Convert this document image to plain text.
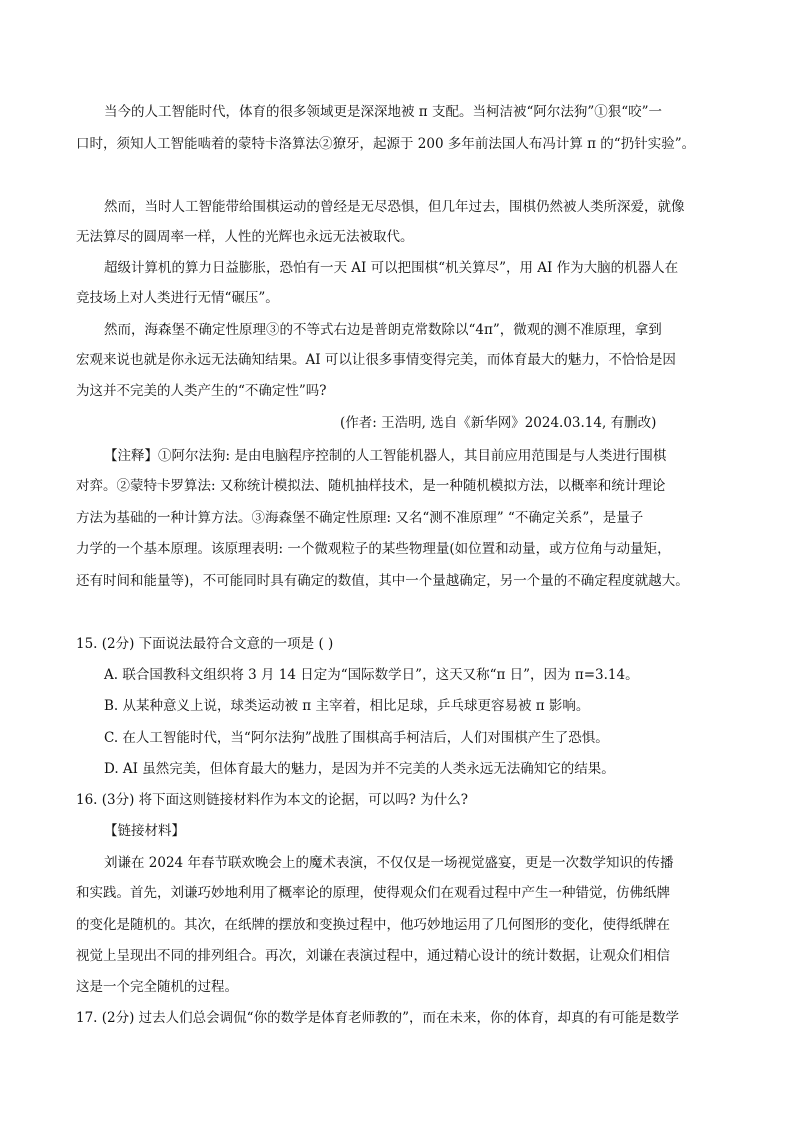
当今的人工智能时代，体育的很多领域更是深深地被 π 支配。当柯洁被“阿尔法狗”①狠“咬”一
口时，须知人工智能啮着的蒙特卡洛算法②獠牙，起源于 200 多年前法国人布冯计算 π 的“扔针实验”。
然而，当时人工智能带给围棋运动的曾经是无尽恐惧，但几年过去，围棋仍然被人类所深爱，就像
无法算尽的圆周率一样，人性的光辉也永远无法被取代。
超级计算机的算力日益膨胀，恐怕有一天 AI 可以把围棋“机关算尽”，用 AI 作为大脑的机器人在
竞技场上对人类进行无情“碾压”。
然而，海森堡不确定性原理③的不等式右边是普朗克常数除以“4π”，微观的测不准原理，拿到
宏观来说也就是你永远无法确知结果。AI 可以让很多事情变得完美，而体育最大的魅力，不恰恰是因
为这并不完美的人类产生的“不确定性”吗?
(作者: 王浩明, 选自《新华网》2024.03.14, 有删改)
【注释】①阿尔法狗: 是由电脑程序控制的人工智能机器人，其目前应用范围是与人类进行围棋
对弈。②蒙特卡罗算法: 又称统计模拟法、随机抽样技术，是一种随机模拟方法，以概率和统计理论
方法为基础的一种计算方法。③海森堡不确定性原理: 又名“测不准原理” “不确定关系”，是量子
力学的一个基本原理。该原理表明: 一个微观粒子的某些物理量(如位置和动量，或方位角与动量矩，
还有时间和能量等)，不可能同时具有确定的数值，其中一个量越确定，另一个量的不确定程度就越大。
15. (2分) 下面说法最符合文意的一项是 ( )
A. 联合国教科文组织将 3 月 14 日定为“国际数学日”，这天又称“π 日”，因为 π=3.14。
B. 从某种意义上说，球类运动被 π 主宰着，相比足球，乒乓球更容易被 π 影响。
C. 在人工智能时代，当“阿尔法狗”战胜了围棋高手柯洁后，人们对围棋产生了恐惧。
D. AI 虽然完美，但体育最大的魅力，是因为并不完美的人类永远无法确知它的结果。
16. (3分) 将下面这则链接材料作为本文的论据，可以吗? 为什么?
【链接材料】
刘谦在 2024 年春节联欢晚会上的魔术表演，不仅仅是一场视觉盛宴，更是一次数学知识的传播
和实践。首先，刘谦巧妙地利用了概率论的原理，使得观众们在观看过程中产生一种错觉，仿佛纸牌
的变化是随机的。其次，在纸牌的摆放和变换过程中，他巧妙地运用了几何图形的变化，使得纸牌在
视觉上呈现出不同的排列组合。再次，刘谦在表演过程中，通过精心设计的统计数据，让观众们相信
这是一个完全随机的过程。
17. (2分) 过去人们总会调侃“你的数学是体育老师教的”，而在未来，你的体育，却真的有可能是数学
